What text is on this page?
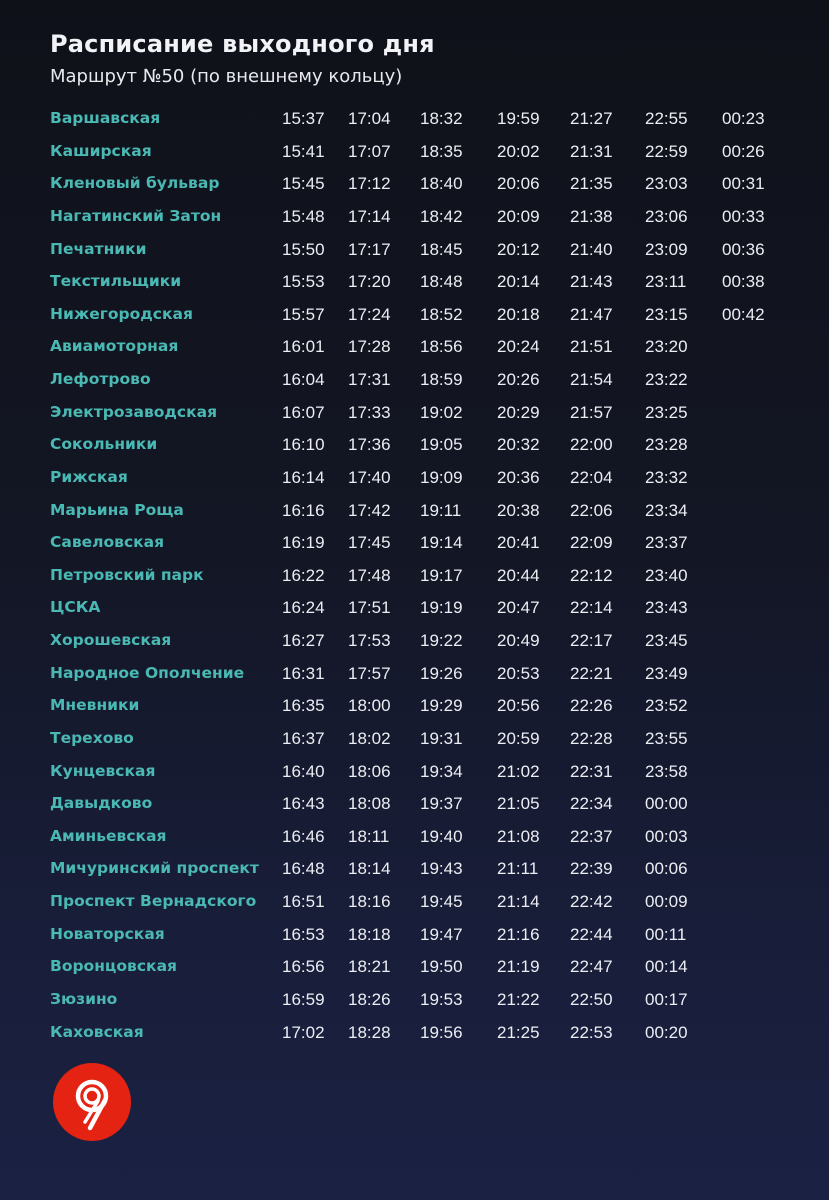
Расписание выходного дня
Маршрут №50 (по внешнему кольцу)
Варшавская	15:37 17:04 18:32 19:59 21:27 22:55 00:23
Каширская	15:41 17:07 18:35 20:02 21:31 22:59 00:26
Кленовый бульвар	15:45 17:12 18:40 20:06 21:35 23:03 00:31
Нагатинский Затон	15:48 17:14 18:42 20:09 21:38 23:06 00:33
Печатники	15:50 17:17 18:45 20:12 21:40 23:09 00:36
Текстильщики	15:53 17:20 18:48 20:14 21:43 23:11 00:38
Нижегородская	15:57 17:24 18:52 20:18 21:47 23:15 00:42
Авиамоторная	16:01 17:28 18:56 20:24 21:51 23:20
Лефотрово	16:04 17:31 18:59 20:26 21:54 23:22
Электрозаводская	16:07 17:33 19:02 20:29 21:57 23:25
Сокольники	16:10 17:36 19:05 20:32 22:00 23:28
Рижская	16:14 17:40 19:09 20:36 22:04 23:32
Марьина Роща	16:16 17:42 19:11 20:38 22:06 23:34
Савеловская	16:19 17:45 19:14 20:41 22:09 23:37
Петровский парк	16:22 17:48 19:17 20:44 22:12 23:40
ЦСКА	16:24 17:51 19:19 20:47 22:14 23:43
Хорошевская	16:27 17:53 19:22 20:49 22:17 23:45
Народное Ополчение 16:31 17:57 19:26 20:53 22:21 23:49
Мневники	16:35 18:00 19:29 20:56 22:26 23:52
Терехово	16:37 18:02 19:31 20:59 22:28 23:55
Кунцевская	16:40 18:06 19:34 21:02 22:31 23:58
Давыдково	16:43 18:08 19:37 21:05 22:34 00:00
Аминьевская	16:46 18:11 19:40 21:08 22:37 00:03
Мичуринский проспект 16:48 18:14 19:43 21:11 22:39 00:06
Проспект Вернадского 16:51 18:16 19:45 21:14 22:42 00:09
Новаторская	16:53 18:18 19:47 21:16 22:44 00:11
Воронцовская	16:56 18:21 19:50 21:19 22:47 00:14
Зюзино	16:59 18:26 19:53 21:22 22:50 00:17
Каховская	17:02 18:28 19:56 21:25 22:53 00:20
